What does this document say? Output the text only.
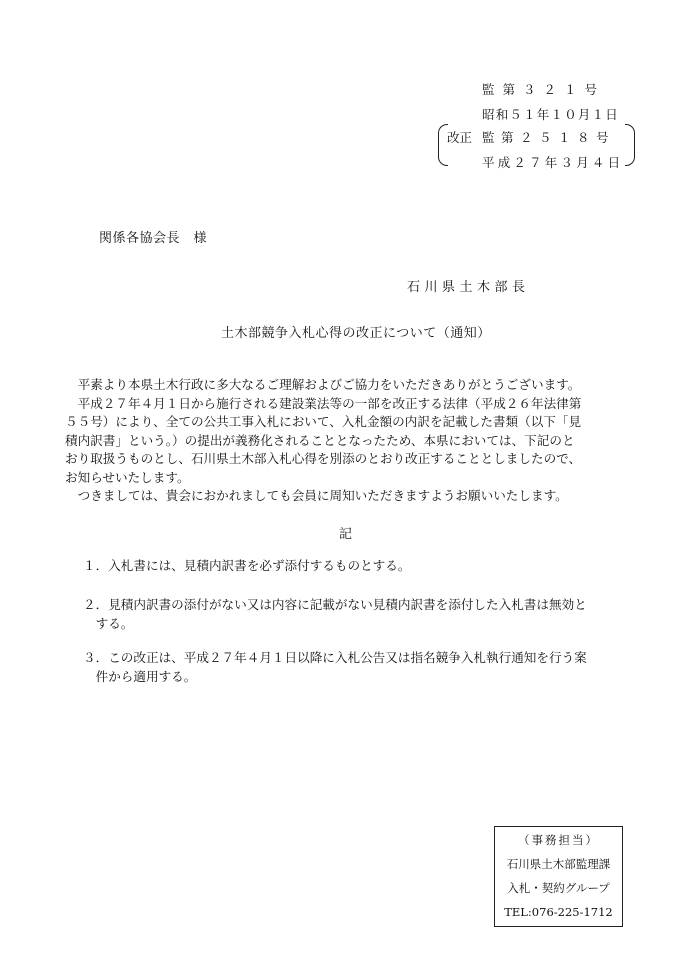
監第３２１号
昭和５１年１０月１日
改正 監第２５１８号
平成２７年３月４日
関係各協会長　様
石川県土木部長
土木部競争入札心得の改正について（通知）
　平素より本県土木行政に多大なるご理解およびご協力をいただきありがとうございます。
　平成２７年４月１日から施行される建設業法等の一部を改正する法律（平成２６年法律第
５５号）により、全ての公共工事入札において、入札金額の内訳を記載した書類（以下「見
積内訳書」という。）の提出が義務化されることとなったため、本県においては、下記のと
おり取扱うものとし、石川県土木部入札心得を別添のとおり改正することとしましたので、
お知らせいたします。
　つきましては、貴会におかれましても会員に周知いただきますようお願いいたします。
記
１．入札書には、見積内訳書を必ず添付するものとする。
２．見積内訳書の添付がない又は内容に記載がない見積内訳書を添付した入札書は無効と
　する。
３．この改正は、平成２７年４月１日以降に入札公告又は指名競争入札執行通知を行う案
　件から適用する。
（事務担当）
石川県土木部監理課
入札・契約グループ
TEL:076-225-1712
